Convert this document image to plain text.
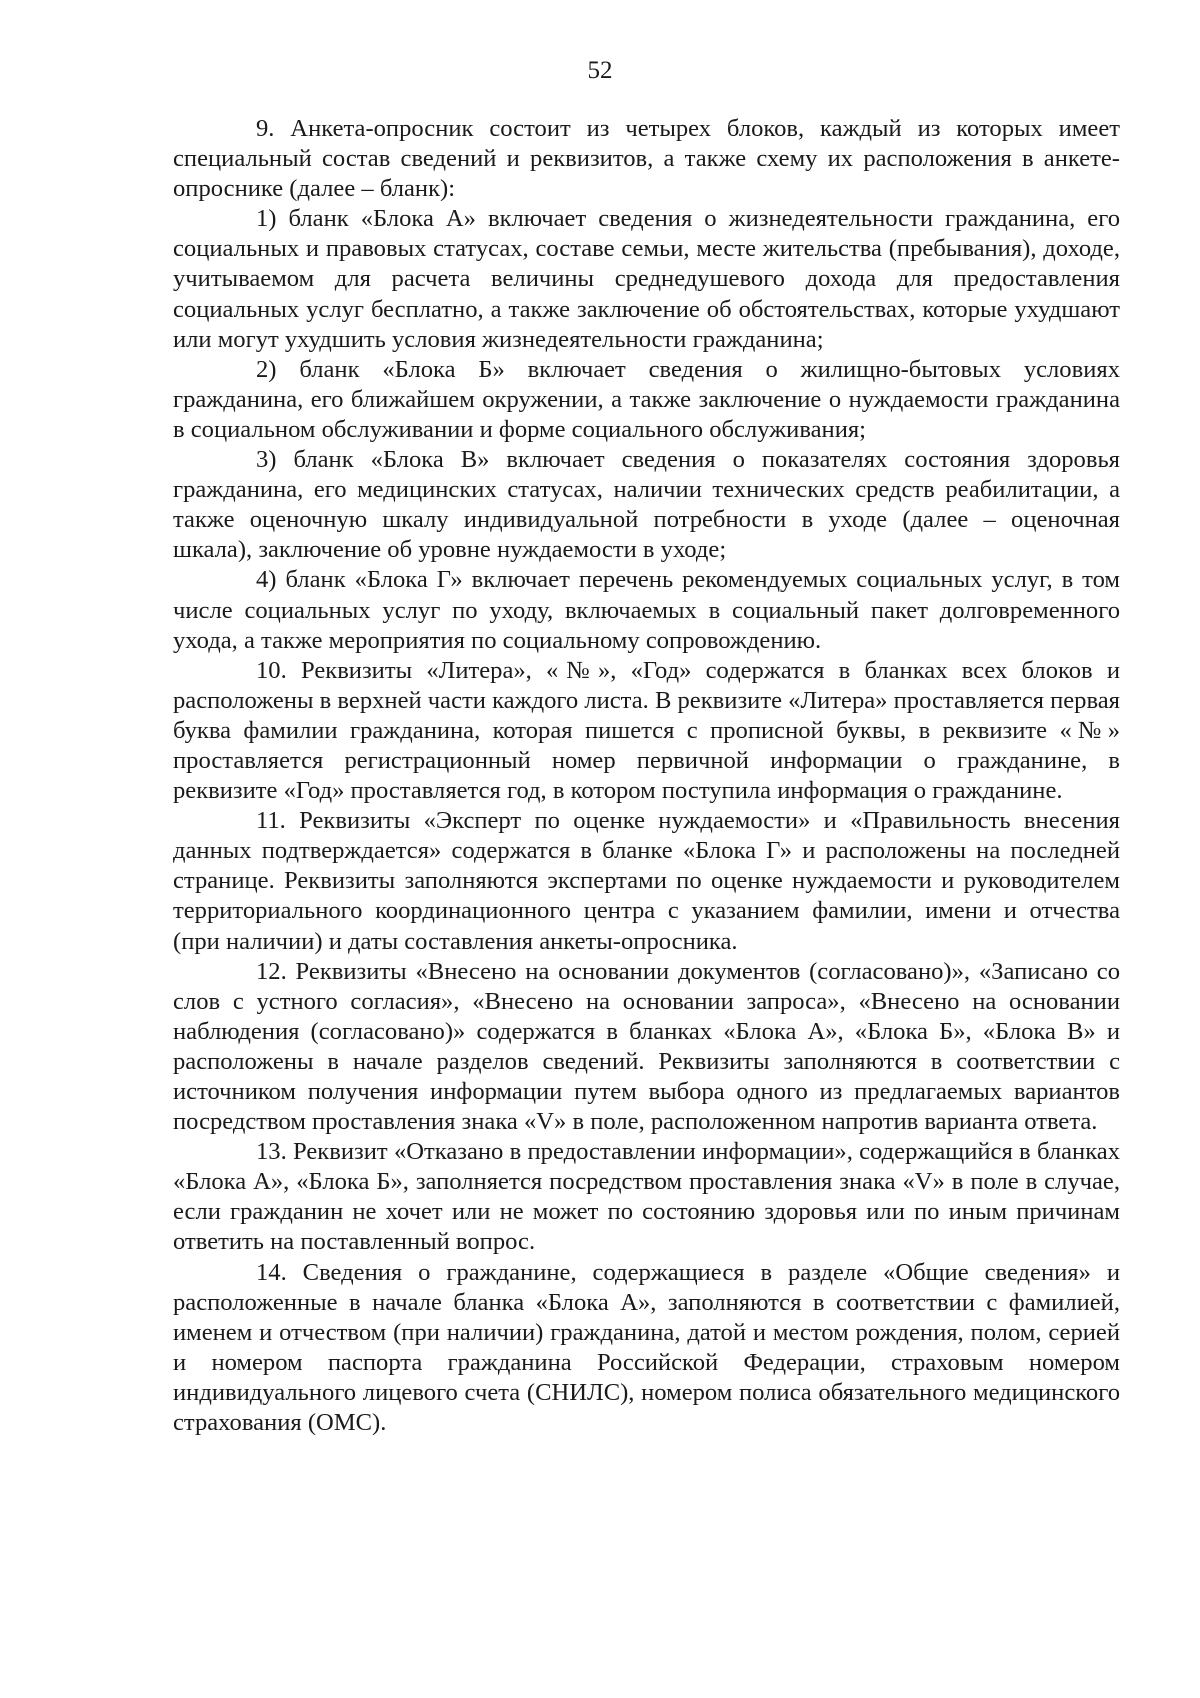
52

9. Анкета-опросник состоит из четырех блоков, каждый из которых имеет специальный состав сведений и реквизитов, а также схему их расположения в анкете-опроснике (далее – бланк):

1) бланк «Блока А» включает сведения о жизнедеятельности гражданина, его социальных и правовых статусах, составе семьи, месте жительства (пребывания), доходе, учитываемом для расчета величины среднедушевого дохода для предоставления социальных услуг бесплатно, а также заключение об обстоятельствах, которые ухудшают или могут ухудшить условия жизнедеятельности гражданина;

2) бланк «Блока Б» включает сведения о жилищно-бытовых условиях гражданина, его ближайшем окружении, а также заключение о нуждаемости гражданина в социальном обслуживании и форме социального обслуживания;

3) бланк «Блока В» включает сведения о показателях состояния здоровья гражданина, его медицинских статусах, наличии технических средств реабилитации, а также оценочную шкалу индивидуальной потребности в уходе (далее – оценочная шкала), заключение об уровне нуждаемости в уходе;

4) бланк «Блока Г» включает перечень рекомендуемых социальных услуг, в том числе социальных услуг по уходу, включаемых в социальный пакет долговременного ухода, а также мероприятия по социальному сопровождению.

10. Реквизиты «Литера», «№», «Год» содержатся в бланках всех блоков и расположены в верхней части каждого листа. В реквизите «Литера» проставляется первая буква фамилии гражданина, которая пишется с прописной буквы, в реквизите «№» проставляется регистрационный номер первичной информации о гражданине, в реквизите «Год» проставляется год, в котором поступила информация о гражданине.

11. Реквизиты «Эксперт по оценке нуждаемости» и «Правильность внесения данных подтверждается» содержатся в бланке «Блока Г» и расположены на последней странице. Реквизиты заполняются экспертами по оценке нуждаемости и руководителем территориального координационного центра с указанием фамилии, имени и отчества (при наличии) и даты составления анкеты-опросника.

12. Реквизиты «Внесено на основании документов (согласовано)», «Записано со слов с устного согласия», «Внесено на основании запроса», «Внесено на основании наблюдения (согласовано)» содержатся в бланках «Блока А», «Блока Б», «Блока В» и расположены в начале разделов сведений. Реквизиты заполняются в соответствии с источником получения информации путем выбора одного из предлагаемых вариантов посредством проставления знака «V» в поле, расположенном напротив варианта ответа.

13. Реквизит «Отказано в предоставлении информации», содержащийся в бланках «Блока А», «Блока Б», заполняется посредством проставления знака «V» в поле в случае, если гражданин не хочет или не может по состоянию здоровья или по иным причинам ответить на поставленный вопрос.

14. Сведения о гражданине, содержащиеся в разделе «Общие сведения» и расположенные в начале бланка «Блока А», заполняются в соответствии с фамилией, именем и отчеством (при наличии) гражданина, датой и местом рождения, полом, серией и номером паспорта гражданина Российской Федерации, страховым номером индивидуального лицевого счета (СНИЛС), номером полиса обязательного медицинского страхования (ОМС).
